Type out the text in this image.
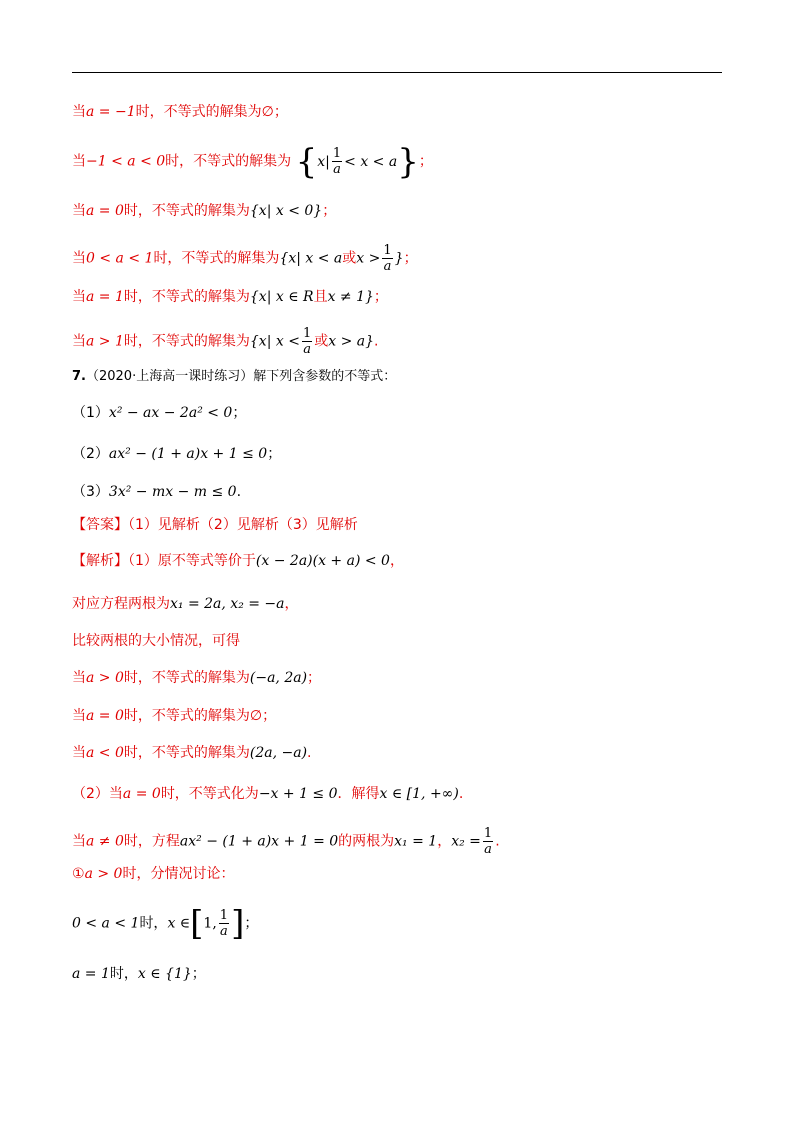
当a = −1时，不等式的解集为∅；
当−1 < a < 0时，不等式的解集为 $\{x| \frac{1}{a} < x < a\}$；
当a = 0时，不等式的解集为{x| x < 0}；
当0 < a < 1时，不等式的解集为{x| x < a或$x > \frac{1}{a}$ }；
当a = 1时，不等式的解集为{x| x ∈ R且x ≠ 1}；
当a > 1时，不等式的解集为{x| $x < \frac{1}{a}$ 或x > a}.
7.（2020·上海高一课时练习）解下列含参数的不等式：
（1）x² − ax − 2a² < 0；
（2）ax² − (1 + a)x + 1 ≤ 0；
（3）3x² − mx − m ≤ 0.
【答案】（1）见解析（2）见解析（3）见解析
【解析】（1）原不等式等价于(x − 2a)(x + a) < 0，
对应方程两根为x₁ = 2a, x₂ = −a，
比较两根的大小情况，可得
当a > 0时，不等式的解集为(−a, 2a)；
当a = 0时，不等式的解集为∅；
当a < 0时，不等式的解集为(2a, −a).
（2）当a = 0时，不等式化为−x + 1 ≤ 0．解得x ∈ [1, +∞).
当a ≠ 0时，方程ax² − (1 + a)x + 1 = 0的两根为x₁ = 1，$x_2 = \frac{1}{a}$ .
①a > 0时，分情况讨论：
0 < a < 1时，x ∈[1, $\frac{1}{a}$ ]；
a = 1时，x ∈ {1}；
